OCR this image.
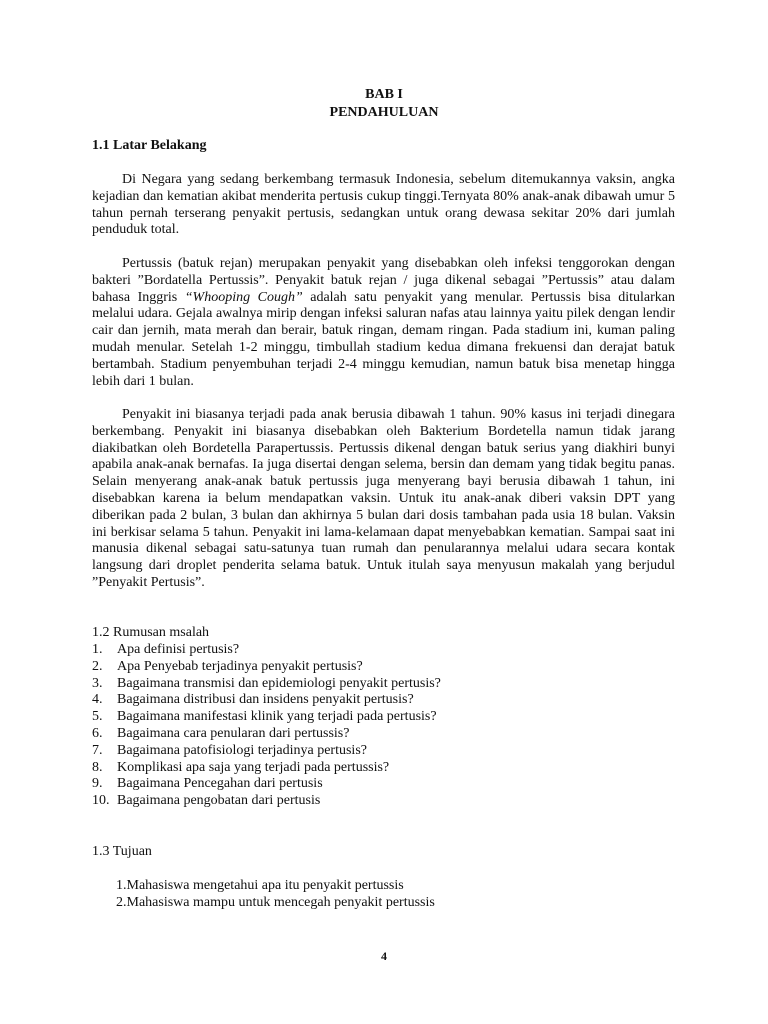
BAB I
PENDAHULUAN
1.1 Latar Belakang

Di Negara yang sedang berkembang termasuk Indonesia, sebelum ditemukannya vaksin, angka kejadian dan kematian akibat menderita pertusis cukup tinggi.Ternyata 80% anak-anak dibawah umur 5 tahun pernah terserang penyakit pertusis, sedangkan untuk orang dewasa sekitar 20% dari jumlah penduduk total.

Pertussis (batuk rejan) merupakan penyakit yang disebabkan oleh infeksi tenggorokan dengan bakteri ”Bordatella Pertussis”. Penyakit batuk rejan / juga dikenal sebagai ”Pertussis” atau dalam bahasa Inggris “Whooping Cough” adalah satu penyakit yang menular. Pertussis bisa ditularkan melalui udara. Gejala awalnya mirip dengan infeksi saluran nafas atau lainnya yaitu pilek dengan lendir cair dan jernih, mata merah dan berair, batuk ringan, demam ringan. Pada stadium ini, kuman paling mudah menular. Setelah 1-2 minggu, timbullah stadium kedua dimana frekuensi dan derajat batuk bertambah. Stadium penyembuhan terjadi 2-4 minggu kemudian, namun batuk bisa menetap hingga lebih dari 1 bulan.

Penyakit ini biasanya terjadi pada anak berusia dibawah 1 tahun. 90% kasus ini terjadi dinegara berkembang. Penyakit ini biasanya disebabkan oleh Bakterium Bordetella namun tidak jarang diakibatkan oleh Bordetella Parapertussis. Pertussis dikenal dengan batuk serius yang diakhiri bunyi apabila anak-anak bernafas. Ia juga disertai dengan selema, bersin dan demam yang tidak begitu panas. Selain menyerang anak-anak batuk pertussis juga menyerang bayi berusia dibawah 1 tahun, ini disebabkan karena ia belum mendapatkan vaksin. Untuk itu anak-anak diberi vaksin DPT yang diberikan pada 2 bulan, 3 bulan dan akhirnya 5 bulan dari dosis tambahan pada usia 18 bulan. Vaksin ini berkisar selama 5 tahun. Penyakit ini lama-kelamaan dapat menyebabkan kematian. Sampai saat ini manusia dikenal sebagai satu-satunya tuan rumah dan penularannya melalui udara secara kontak langsung dari droplet penderita selama batuk. Untuk itulah saya menyusun makalah yang berjudul ”Penyakit Pertusis”.

1.2 Rumusan msalah
1. Apa definisi pertusis?
2. Apa Penyebab terjadinya penyakit pertusis?
3. Bagaimana transmisi dan epidemiologi penyakit pertusis?
4. Bagaimana distribusi dan insidens penyakit pertusis?
5. Bagaimana manifestasi klinik yang terjadi pada pertusis?
6. Bagaimana cara penularan dari pertussis?
7. Bagaimana patofisiologi terjadinya pertusis?
8. Komplikasi apa saja yang terjadi pada pertussis?
9. Bagaimana Pencegahan dari pertusis
10. Bagaimana pengobatan dari pertusis
1.3 Tujuan
1.Mahasiswa mengetahui apa itu penyakit pertussis
2.Mahasiswa mampu untuk mencegah penyakit pertussis
4
